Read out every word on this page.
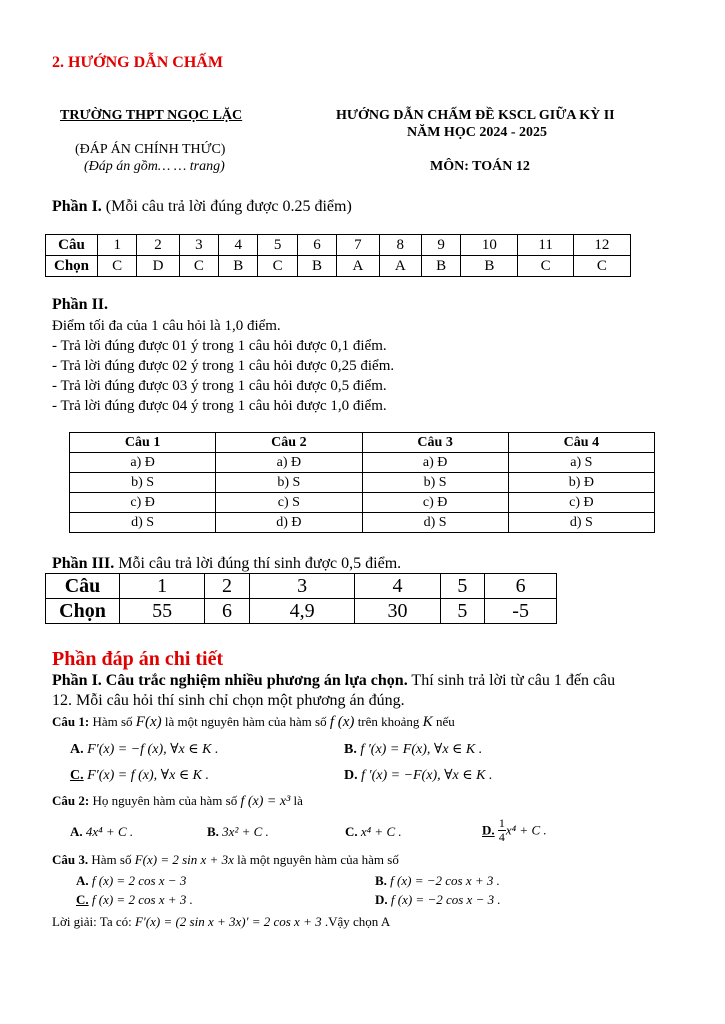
2. HƯỚNG DẪN CHẤM
TRƯỜNG THPT NGỌC LẶC
(ĐÁP ÁN CHÍNH THỨC)
(Đáp án gồm… … trang)
HƯỚNG DẪN CHẤM ĐỀ KSCL GIỮA KỲ II
NĂM HỌC 2024 - 2025
MÔN: TOÁN 12
Phần I. (Mỗi câu trả lời đúng được 0.25 điểm)
Câu	1	2	3	4	5	6	7	8	9	10	11	12
Chọn	C	D	C	B	C	B	A	A	B	B	C	C
Phần II.
Điểm tối đa của 1 câu hỏi là 1,0 điểm.
- Trả lời đúng được 01 ý trong 1 câu hỏi được 0,1 điểm.
- Trả lời đúng được 02 ý trong 1 câu hỏi được 0,25 điểm.
- Trả lời đúng được 03 ý trong 1 câu hỏi được 0,5 điểm.
- Trả lời đúng được 04 ý trong 1 câu hỏi được 1,0 điểm.
Câu 1	Câu 2	Câu 3	Câu 4
a) Đ	a) Đ	a) Đ	a) S
b) S	b) S	b) S	b) Đ
c) Đ	c) S	c) Đ	c) Đ
d) S	d) Đ	d) S	d) S
Phần III. Mỗi câu trả lời đúng thí sinh được 0,5 điểm.
Câu	1	2	3	4	5	6
Chọn	55	6	4,9	30	5	-5
Phần đáp án chi tiết
Phần I. Câu trắc nghiệm nhiều phương án lựa chọn. Thí sinh trả lời từ câu 1 đến câu
12. Mỗi câu hỏi thí sinh chỉ chọn một phương án đúng.
Câu 1: Hàm số F(x) là một nguyên hàm của hàm số f (x) trên khoảng K nếu
A. F′(x) = −f (x), ∀x ∈ K .	B. f ′(x) = F(x), ∀x ∈ K .
C. F′(x) = f (x), ∀x ∈ K .	D. f ′(x) = −F(x), ∀x ∈ K .
Câu 2: Họ nguyên hàm của hàm số f (x) = x³ là
A. 4x⁴ + C .	B. 3x² + C .	C. x⁴ + C .	D. $\frac{1}{4} x^4 + C$ .
Câu 3. Hàm số F(x) = 2 sin x + 3x là một nguyên hàm của hàm số
A. f (x) = 2 cos x − 3	B. f (x) = −2 cos x + 3 .
C. f (x) = 2 cos x + 3 .	D. f (x) = −2 cos x − 3 .
Lời giải: Ta có: F′(x) = (2 sin x + 3x)′ = 2 cos x + 3 .Vậy chọn A
